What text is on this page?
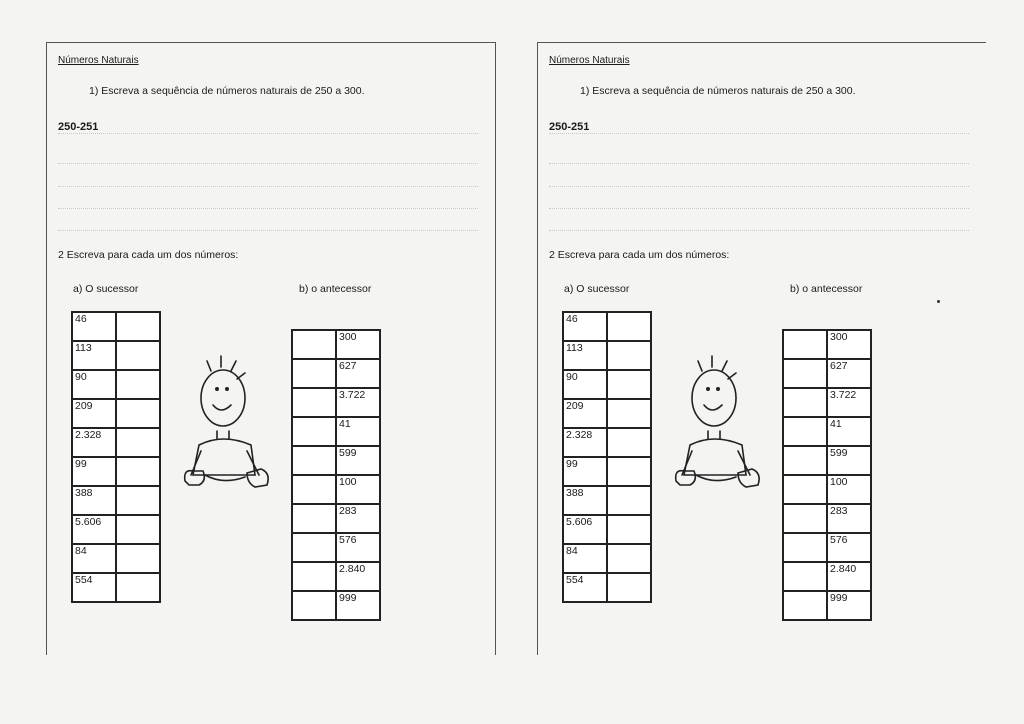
Números Naturais
1) Escreva a sequência de números naturais de 250 a 300.
250-251
2 Escreva para cada um dos números:
a) O sucessor	b) o antecessor
46	
113	
90	
209	
2.328	
99	
388	
5.606	
84	
554	
	300
	627
	3.722
	41
	599
	100
	283
	576
	2.840
	999
Números Naturais
1) Escreva a sequência de números naturais de 250 a 300.
250-251
2 Escreva para cada um dos números:
a) O sucessor	b) o antecessor
46	
113	
90	
209	
2.328	
99	
388	
5.606	
84	
554	
	300
	627
	3.722
	41
	599
	100
	283
	576
	2.840
	999
